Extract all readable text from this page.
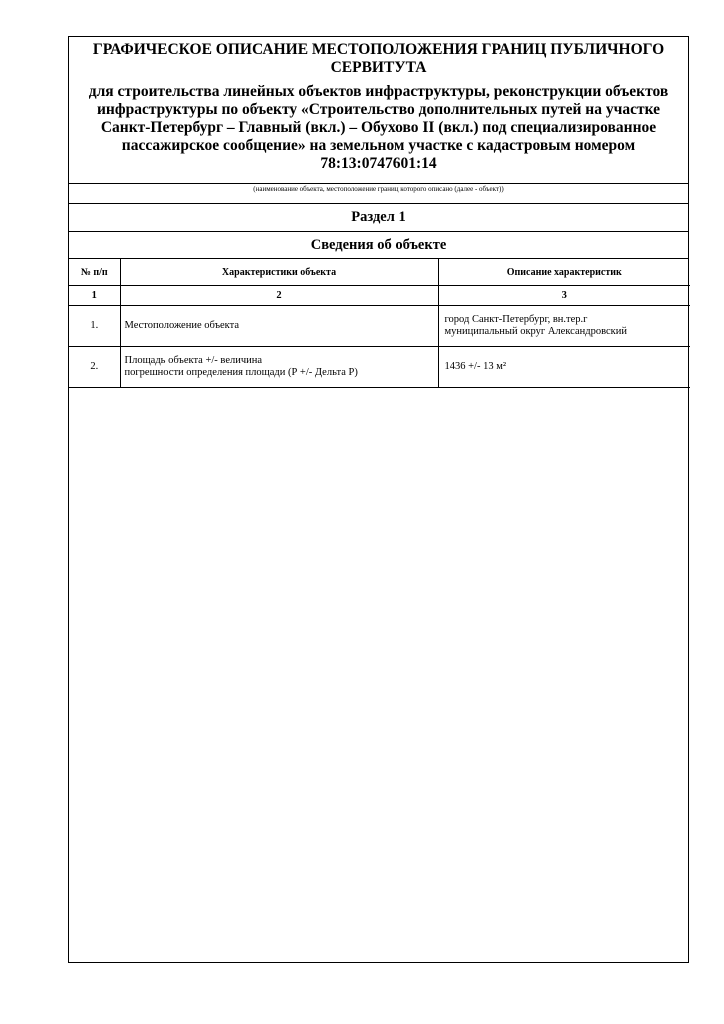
ГРАФИЧЕСКОЕ ОПИСАНИЕ МЕСТОПОЛОЖЕНИЯ ГРАНИЦ ПУБЛИЧНОГО СЕРВИТУТА

для строительства линейных объектов инфраструктуры, реконструкции объектов инфраструктуры по объекту «Строительство дополнительных путей на участке Санкт-Петербург – Главный (вкл.) – Обухово II (вкл.) под специализированное пассажирское сообщение» на земельном участке с кадастровым номером 78:13:0747601:14

(наименование объекта, местоположение границ которого описано (далее - объект))
Раздел 1
Сведения об объекте
№ п/п	Характеристики объекта	Описание характеристик
1	2	3
1.	Местоположение объекта	город Санкт-Петербург, вн.тер.г
муниципальный округ Александровский

2.	Площадь объекта +/- величина
погрешности определения площади (Р +/- Дельта Р)	1436 +/- 13 м²
